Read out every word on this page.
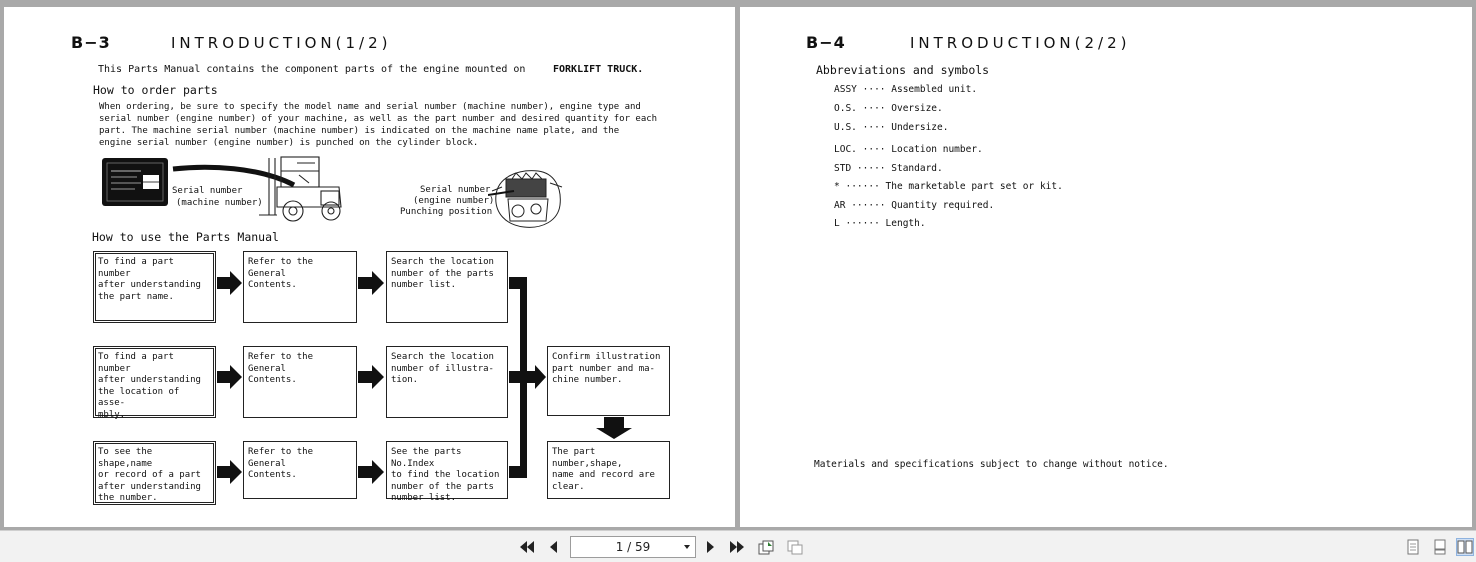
B−3	INTRODUCTION(1/2)
This Parts Manual contains the component parts of the engine mounted on	FORKLIFT TRUCK.
How to order parts
When ordering, be sure to specify the model name and serial number (machine number), engine type and
serial number (engine number) of your machine, as well as the part number and desired quantity for each
part. The machine serial number (machine number) is indicated on the machine name plate, and the
engine serial number (engine number) is punched on the cylinder block.
Serial number
(machine number)
Serial number
(engine number)
Punching position
How to use the Parts Manual
To find a part number
after understanding
the part name.
Refer to the General
Contents.
Search the location
number of the parts
number list.
To find a part number
after understanding
the location of asse-
mbly.
Refer to the General
Contents.
Search the location
number of illustra-
tion.
To see the shape,name
or record of a part
after understanding
the number.
Refer to the General
Contents.
See the parts No.Index
to find the location
number of the parts
number list.
Confirm illustration
part number and ma-
chine number.
The part number,shape,
name and record are
clear.
B−4	INTRODUCTION(2/2)
Abbreviations and symbols
ASSY ···· Assembled unit.
O.S. ···· Oversize.
U.S. ···· Undersize.
LOC. ···· Location number.
STD ····· Standard.
* ······ The marketable part set or kit.
AR ······ Quantity required.
L ······ Length.
Materials and specifications subject to change without notice.
1 / 59
